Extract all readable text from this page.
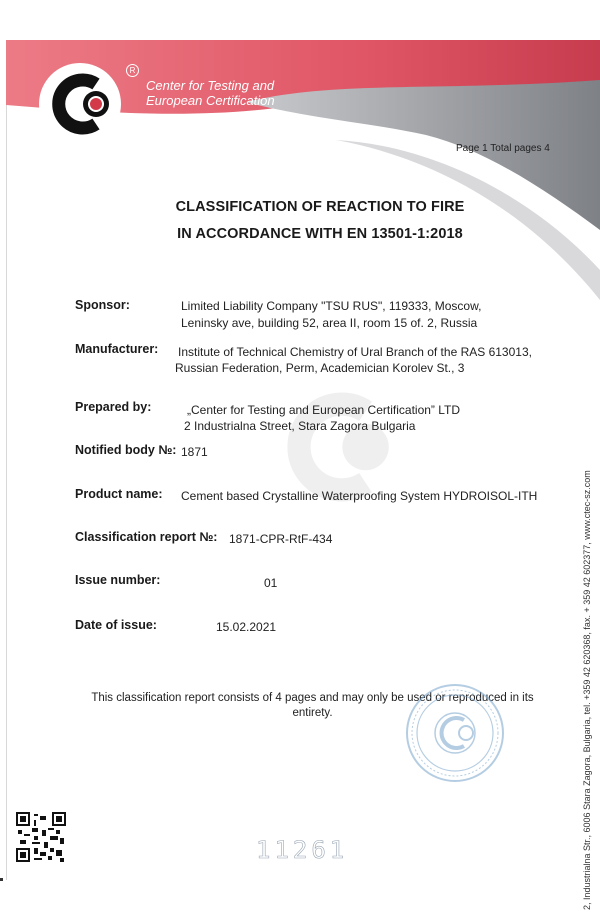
R
Center for Testing and
European Certification
Page 1 Total pages 4
CLASSIFICATION OF REACTION TO FIRE
IN ACCORDANCE WITH EN 13501-1:2018
Sponsor:	Limited Liability Company "TSU RUS", 119333, Moscow,
Leninsky ave, building 52, area II, room 15 of. 2, Russia
Manufacturer: Institute of Technical Chemistry of Ural Branch of the RAS 613013,
Russian Federation, Perm, Academician Korolev St., 3
Prepared by:	„Center for Testing and European Certification” LTD
2 Industrialna Street, Stara Zagora Bulgaria
Notified body №: 1871
Product name: Cement based Crystalline Waterproofing System HYDROISOL-ITH
Classification report №: 1871-CPR-RtF-434
Issue number:	01
Date of issue:	15.02.2021
This classification report consists of 4 pages and may only be used or reproduced in its
entirety.	2, Industrialna Str., 6006 Stara Zagora, Bulgaria, tel. +359 42 620368, fax. + 359 42 602377, www.ctec-sz.com
11261
